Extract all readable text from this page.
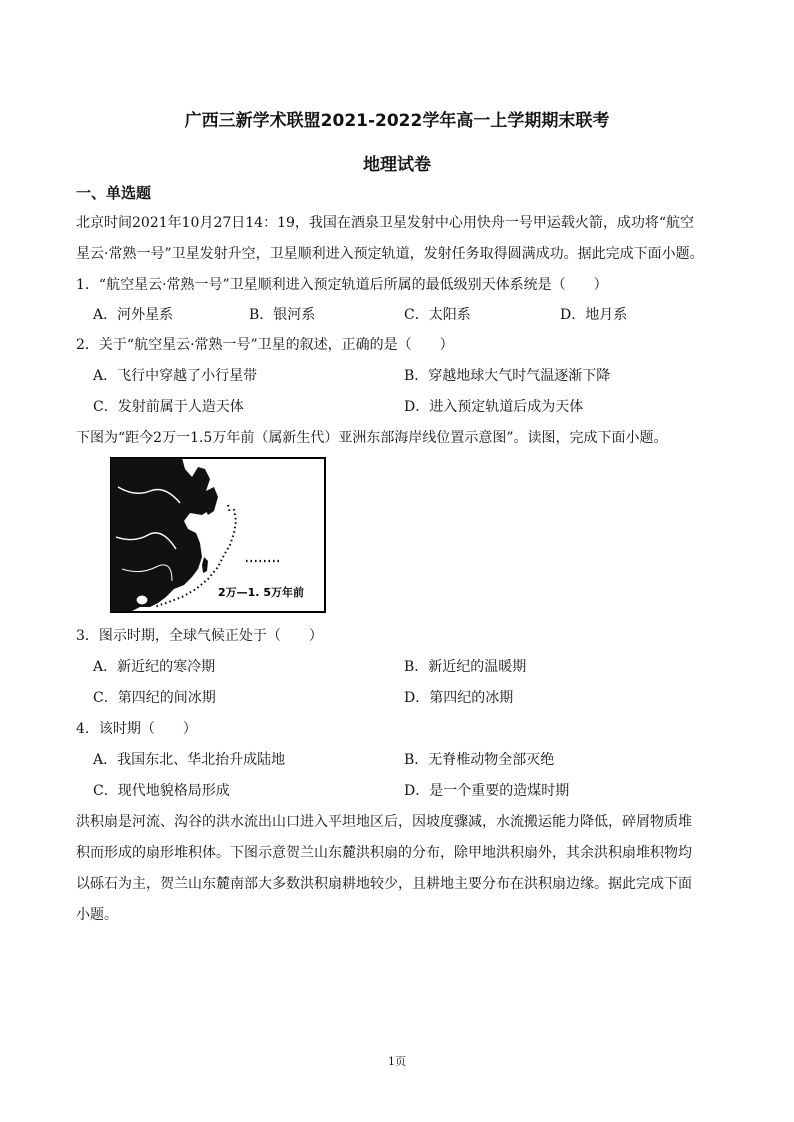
广西三新学术联盟2021-2022学年高一上学期期末联考
地理试卷
一、单选题
北京时间2021年10月27日14：19，我国在酒泉卫星发射中心用快舟一号甲运载火箭，成功将“航空
星云·常熟一号”卫星发射升空，卫星顺利进入预定轨道，发射任务取得圆满成功。据此完成下面小题。
1．“航空星云·常熟一号”卫星顺利进入预定轨道后所属的最低级别天体系统是（　　）
A．河外星系	B．银河系	C．太阳系	D．地月系
2．关于“航空星云·常熟一号”卫星的叙述，正确的是（　　）
A．飞行中穿越了小行星带	B．穿越地球大气时气温逐渐下降
C．发射前属于人造天体	D．进入预定轨道后成为天体
下图为“距今2万一1.5万年前（属新生代）亚洲东部海岸线位置示意图”。读图，完成下面小题。
2万—1. 5万年前
3．图示时期，全球气候正处于（　　）
A．新近纪的寒冷期	B．新近纪的温暖期
C．第四纪的间冰期	D．第四纪的冰期
4．该时期（　　）
A．我国东北、华北抬升成陆地	B．无脊椎动物全部灭绝
C．现代地貌格局形成	D．是一个重要的造煤时期
洪积扇是河流、沟谷的洪水流出山口进入平坦地区后，因坡度骤减，水流搬运能力降低，碎屑物质堆
积而形成的扇形堆积体。下图示意贺兰山东麓洪积扇的分布，除甲地洪积扇外，其余洪积扇堆积物均
以砾石为主，贺兰山东麓南部大多数洪积扇耕地较少，且耕地主要分布在洪积扇边缘。据此完成下面
小题。
1页
